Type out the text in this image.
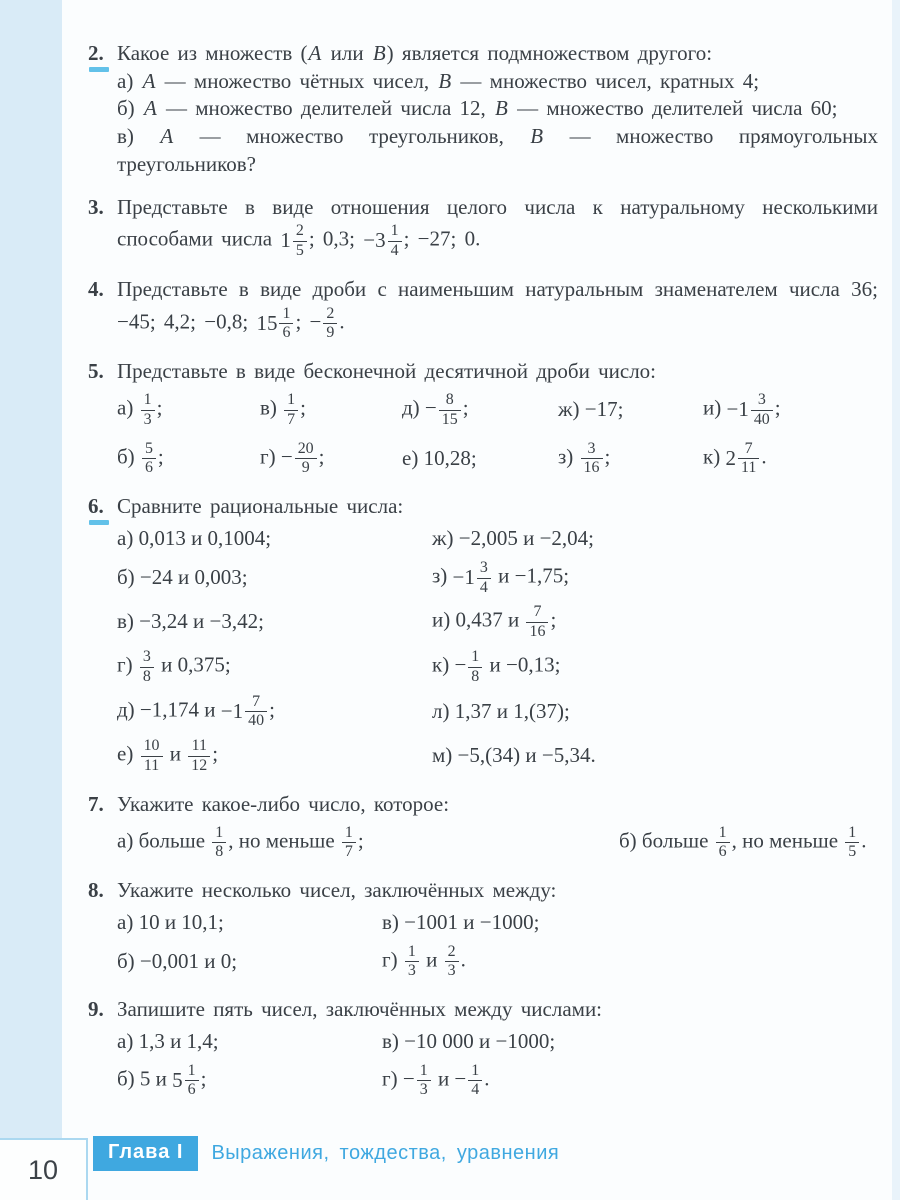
2. Какое из множеств (A или B) является подмножеством другого:
а) A — множество чётных чисел, B — множество чисел, кратных 4;
б) A — множество делителей числа 12, B — множество делителей числа 60;
в) A — множество треугольников, B — множество прямоугольных треугольников?
3. Представьте в виде отношения целого числа к натуральному несколькими способами числа $1 \frac{2}{5}$ ; 0,3; $-3 \frac{1}{4}$ ; −27; 0.
4. Представьте в виде дроби с наименьшим натуральным знаменателем числа 36; −45; 4,2; −0,8; $15 \frac{1}{6}$ ; − $\frac{2}{9}$ .
5. Представьте в виде бесконечной десятичной дроби число:
$а) \frac{1}{3}$ ;	$в) \frac{1}{7}$ ;	$д) - \frac{8}{15}$ ;	ж) −17;	$и) -1 \frac{3}{40}$ ;
$б) \frac{5}{6}$ ;	$г) - \frac{20}{9}$ ;	е) 10,28;	$з) \frac{3}{16}$ ;	к) $2 \frac{7}{11}$ .
6. Сравните рациональные числа:
а) 0,013 и 0,1004;	ж) −2,005 и −2,04;
б) −24 и 0,003;	$з) -1 \frac{3}{4}$ и −1,75;
в) −3,24 и −3,42;	и) 0,437 и $\frac{7}{16}$ ;
$г) \frac{3}{8}$ и 0,375;	$к) - \frac{1}{8}$ и −0,13;
д) −1,174 $и -1 \frac{7}{40}$ ;	л) 1,37 и 1,(37);
$е) \frac{10}{11}$ и $\frac{11}{12}$ ;	м) −5,(34) и −5,34.
7. Укажите какое-либо число, которое:
а) больше $\frac{1}{8}$ , но меньше $\frac{1}{7}$ ;	б) больше $\frac{1}{6}$ , но меньше $\frac{1}{5}$ .
8. Укажите несколько чисел, заключённых между:
а) 10 и 10,1;	в) −1001 и −1000;
б) −0,001 и 0;	$г) \frac{1}{3}$ и $\frac{2}{3}$ .
9. Запишите пять чисел, заключённых между числами:
а) 1,3 и 1,4;	в) −10 000 и −1000;
б) 5 и $5 \frac{1}{6}$ ;	$г) - \frac{1}{3}$ $и - \frac{1}{4}$ .
10
Глава I	Выражения, тождества, уравнения
